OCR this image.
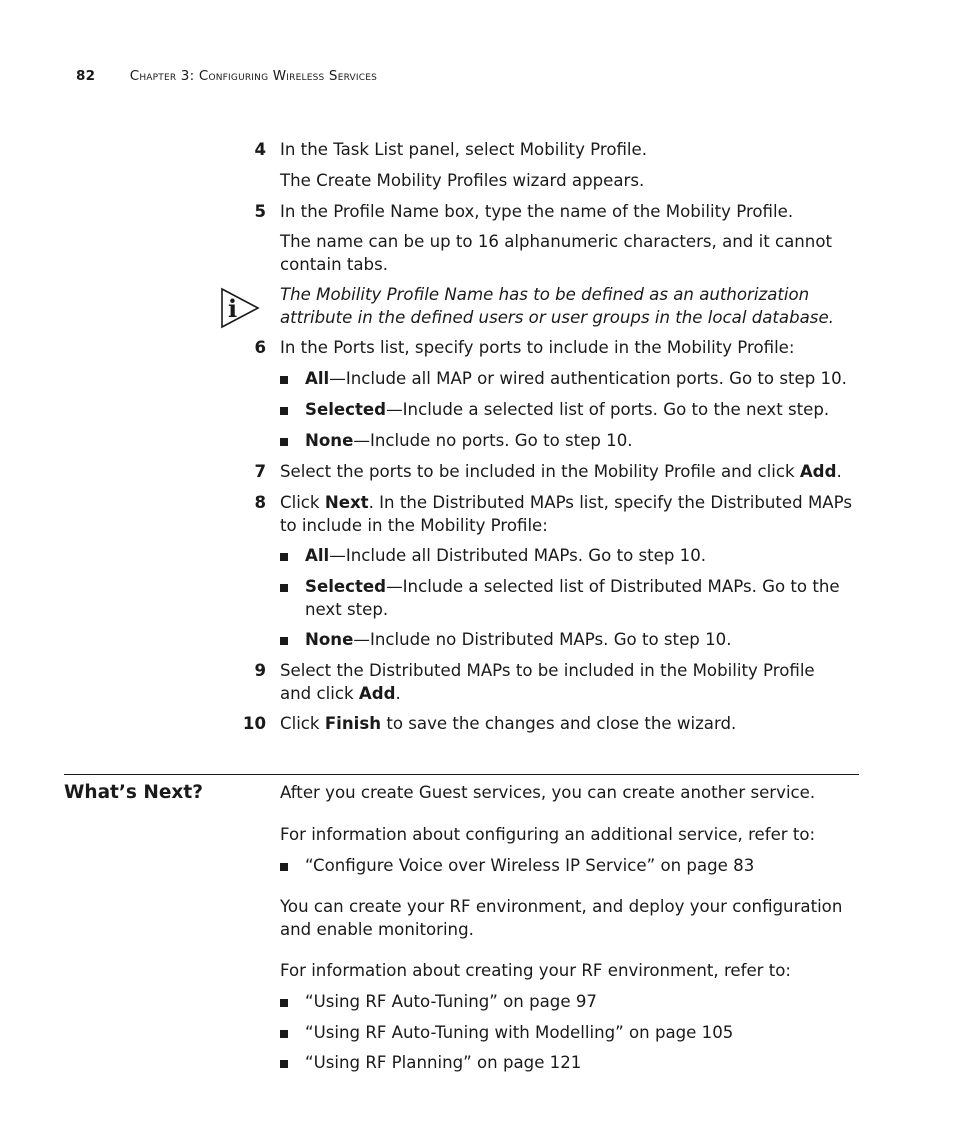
82	Chapter 3: Configuring Wireless Services
4 In the Task List panel, select Mobility Profile.
The Create Mobility Profiles wizard appears.
5 In the Profile Name box, type the name of the Mobility Profile.
The name can be up to 16 alphanumeric characters, and it cannot contain tabs.
i	The Mobility Profile Name has to be defined as an authorization attribute in the defined users or user groups in the local database.
6 In the Ports list, specify ports to include in the Mobility Profile:
All—Include all MAP or wired authentication ports. Go to step 10.
Selected—Include a selected list of ports. Go to the next step.
None—Include no ports. Go to step 10.
7 Select the ports to be included in the Mobility Profile and click Add.
8 Click Next. In the Distributed MAPs list, specify the Distributed MAPs to include in the Mobility Profile:
All—Include all Distributed MAPs. Go to step 10.
Selected—Include a selected list of Distributed MAPs. Go to the next step.
None—Include no Distributed MAPs. Go to step 10.
9 Select the Distributed MAPs to be included in the Mobility Profile and click Add.
10 Click Finish to save the changes and close the wizard.
What’s Next?	After you create Guest services, you can create another service.
For information about configuring an additional service, refer to:
“Configure Voice over Wireless IP Service” on page 83
You can create your RF environment, and deploy your configuration and enable monitoring.
For information about creating your RF environment, refer to:
“Using RF Auto-Tuning” on page 97
“Using RF Auto-Tuning with Modelling” on page 105
“Using RF Planning” on page 121
